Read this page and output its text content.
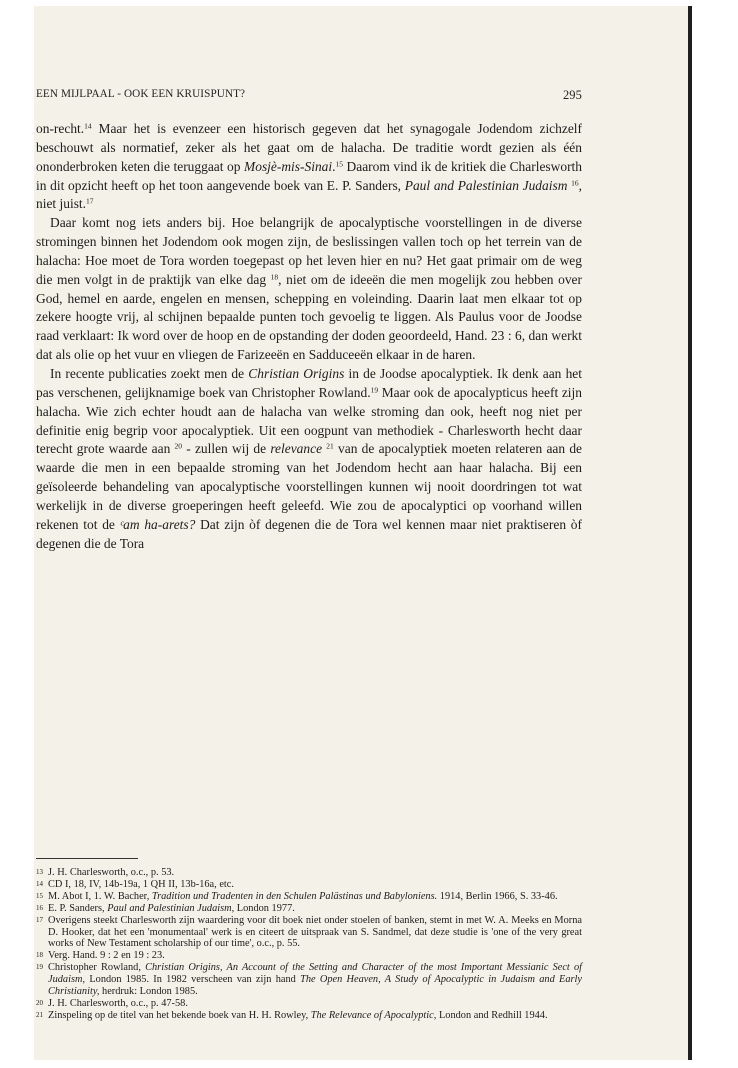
EEN MIJLPAAL - OOK EEN KRUISPUNT?	295

on-recht.$^{14}$ Maar het is evenzeer een historisch gegeven dat het synagogale Jodendom zichzelf beschouwt als normatief, zeker als het gaat om de halacha. De traditie wordt gezien als één ononderbroken keten die teruggaat op Mosjè-mis-Sinai.$^{15}$ Daarom vind ik de kritiek die Charlesworth in dit opzicht heeft op het toon aangevende boek van E. P. Sanders, Paul and Palestinian Judaism $^{16}$, niet juist.$^{17}$

Daar komt nog iets anders bij. Hoe belangrijk de apocalyptische voorstellingen in de diverse stromingen binnen het Jodendom ook mogen zijn, de beslissingen vallen toch op het terrein van de halacha: Hoe moet de Tora worden toegepast op het leven hier en nu? Het gaat primair om de weg die men volgt in de praktijk van elke dag $^{18}$, niet om de ideeën die men mogelijk zou hebben over God, hemel en aarde, engelen en mensen, schepping en voleinding. Daarin laat men elkaar tot op zekere hoogte vrij, al schijnen bepaalde punten toch gevoelig te liggen. Als Paulus voor de Joodse raad verklaart: Ik word over de hoop en de opstanding der doden geoordeeld, Hand. 23 : 6, dan werkt dat als olie op het vuur en vliegen de Farizeeën en Sadduceeën elkaar in de haren.

In recente publicaties zoekt men de Christian Origins in de Joodse apocalyptiek. Ik denk aan het pas verschenen, gelijknamige boek van Christopher Rowland.$^{19}$ Maar ook de apocalypticus heeft zijn halacha. Wie zich echter houdt aan de halacha van welke stroming dan ook, heeft nog niet per definitie enig begrip voor apocalyptiek. Uit een oogpunt van methodiek - Charlesworth hecht daar terecht grote waarde aan $^{20}$ - zullen wij de relevance $^{21}$ van de apocalyptiek moeten relateren aan de waarde die men in een bepaalde stroming van het Jodendom hecht aan haar halacha. Bij een geïsoleerde behandeling van apocalyptische voorstellingen kunnen wij nooit doordringen tot wat werkelijk in de diverse groeperingen heeft geleefd. Wie zou de apocalyptici op voorhand willen rekenen tot de ᶜam ha-arets? Dat zijn òf degenen die de Tora wel kennen maar niet praktiseren òf degenen die de Tora

13 J. H. Charlesworth, o.c., p. 53.
14 CD I, 18, IV, 14b-19a, 1 QH II, 13b-16a, etc.
15 M. Abot I, 1. W. Bacher, Tradition und Tradenten in den Schulen Palästinas und Babyloniens. 1914, Berlin 1966, S. 33-46.
16 E. P. Sanders, Paul and Palestinian Judaism, London 1977.
17 Overigens steekt Charlesworth zijn waardering voor dit boek niet onder stoelen of banken, stemt in met W. A. Meeks en Morna D. Hooker, dat het een 'monumentaal' werk is en citeert de uitspraak van S. Sandmel, dat deze studie is 'one of the very great works of New Testament scholarship of our time', o.c., p. 55.
18 Verg. Hand. 9 : 2 en 19 : 23.
19 Christopher Rowland, Christian Origins, An Account of the Setting and Character of the most Important Messianic Sect of Judaism, London 1985. In 1982 verscheen van zijn hand The Open Heaven, A Study of Apocalyptic in Judaism and Early Christianity, herdruk: London 1985.
20 J. H. Charlesworth, o.c., p. 47-58.
21 Zinspeling op de titel van het bekende boek van H. H. Rowley, The Relevance of Apocalyptic, London and Redhill 1944.
